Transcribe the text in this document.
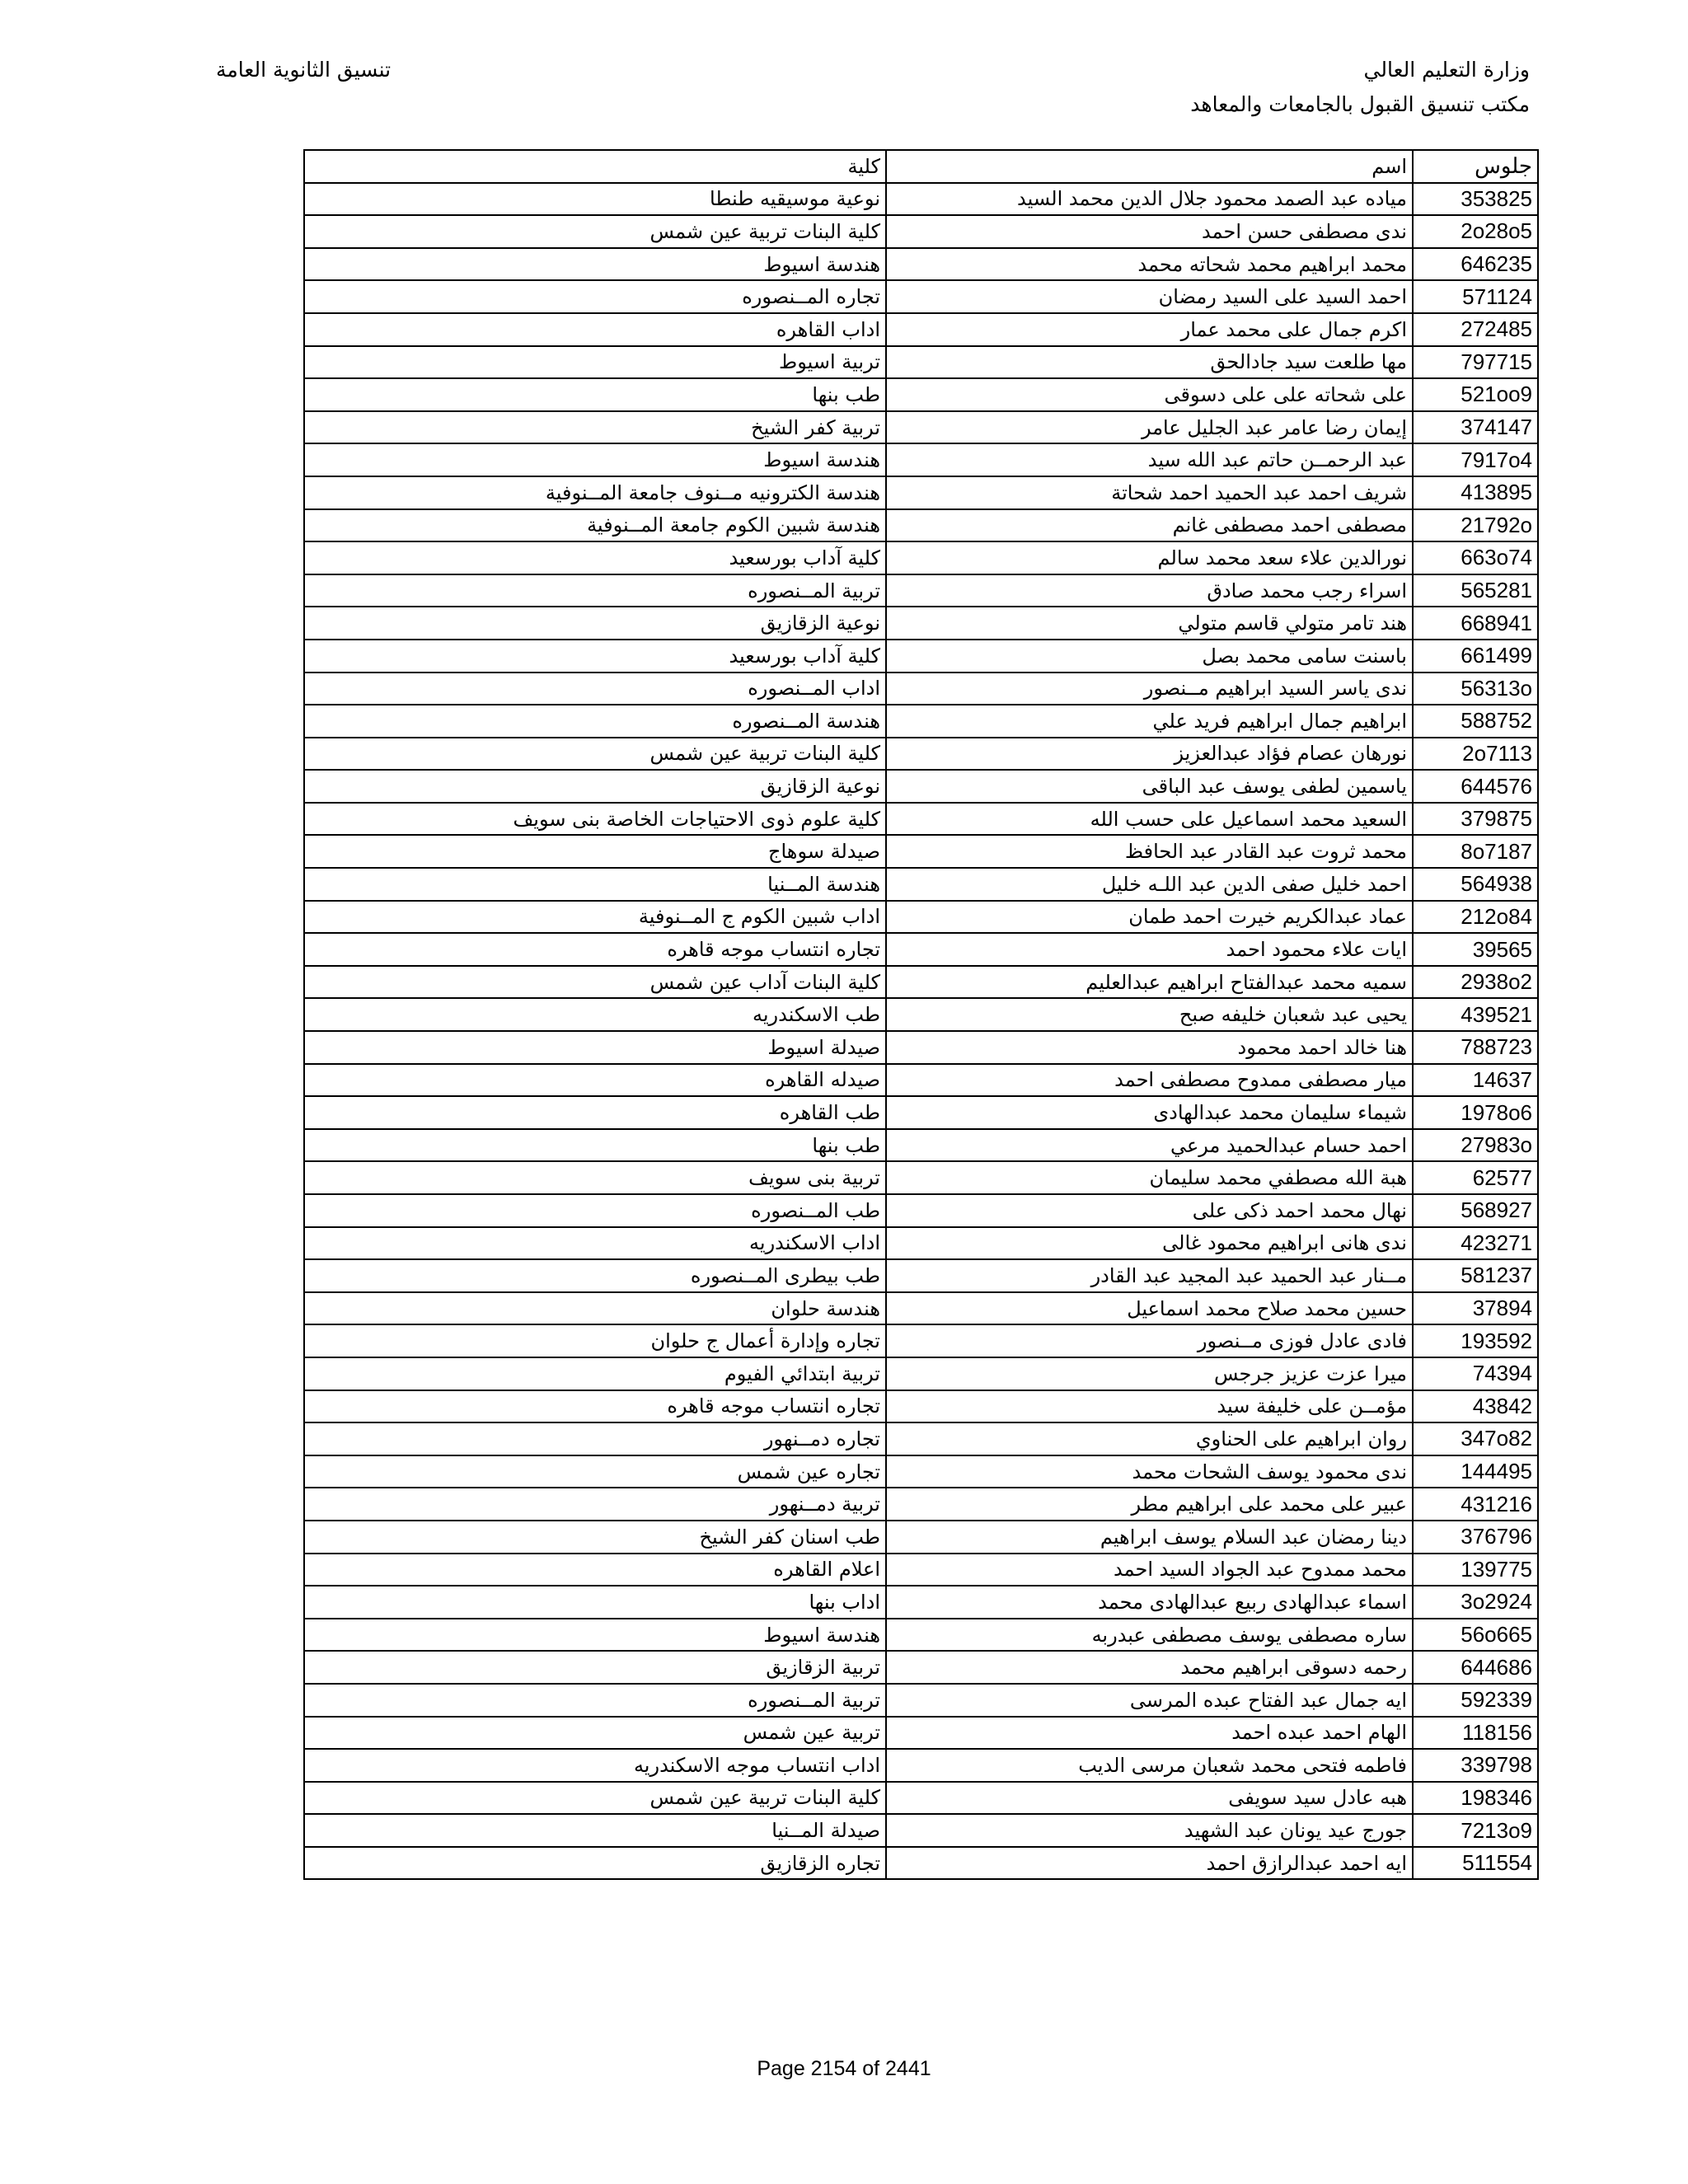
وزارة التعليم العالي
مكتب تنسيق القبول بالجامعات والمعاهد
تنسيق الثانوية العامة
جلوس	اسم	كلية
353825	مياده عبد الصمد محمود جلال الدين محمد السيد	نوعية موسيقيه طنطا
2o28o5	ندى مصطفى حسن احمد	كلية البنات تربية عين شمس
646235	محمد ابراهيم محمد شحاته محمد	هندسة اسيوط
571124	احمد السيد على السيد رمضان	تجاره المــنصوره
272485	اكرم جمال على محمد عمار	اداب القاهره
797715	مها طلعت سيد جادالحق	تربية اسيوط
521oo9	على شحاته على على دسوقى	طب بنها
374147	إيمان رضا عامر عبد الجليل عامر	تربية كفر الشيخ
7917o4	عبد الرحمــن حاتم عبد الله سيد	هندسة اسيوط
413895	شريف احمد عبد الحميد احمد شحاتة	هندسة الكترونيه مــنوف جامعة المــنوفية
21792o	مصطفى احمد مصطفى غانم	هندسة شبين الكوم جامعة المــنوفية
663o74	نورالدين علاء سعد محمد سالم	كلية آداب بورسعيد
565281	اسراء رجب محمد صادق	تربية المــنصوره
668941	هند تامر متولي قاسم متولي	نوعية الزقازيق
661499	باسنت سامى محمد بصل	كلية آداب بورسعيد
56313o	ندى ياسر السيد ابراهيم مــنصور	اداب المــنصوره
588752	ابراهيم جمال ابراهيم فريد علي	هندسة المــنصوره
2o7113	نورهان عصام فؤاد عبدالعزيز	كلية البنات تربية عين شمس
644576	ياسمين لطفى يوسف عبد الباقى	نوعية الزقازيق
379875	السعيد محمد اسماعيل على حسب الله	كلية علوم ذوى الاحتياجات الخاصة بنى سويف
8o7187	محمد ثروت عبد القادر عبد الحافظ	صيدلة سوهاج
564938	احمد خليل صفى الدين عبد اللـه خليل	هندسة المــنيا
212o84	عماد عبدالكريم خيرت احمد طمان	اداب شبين الكوم ج المــنوفية
39565	ايات علاء محمود احمد	تجاره انتساب موجه قاهره
2938o2	سميه محمد عبدالفتاح ابراهيم عبدالعليم	كلية البنات آداب عين شمس
439521	يحيى عبد شعبان خليفه صبح	طب الاسكندريه
788723	هنا خالد احمد محمود	صيدلة اسيوط
14637	ميار مصطفى ممدوح مصطفى احمد	صيدله القاهره
1978o6	شيماء سليمان محمد عبدالهادى	طب القاهره
27983o	احمد حسام عبدالحميد مرعي	طب بنها
62577	هبة الله مصطفي محمد سليمان	تربية بنى سويف
568927	نهال محمد احمد ذكى على	طب المــنصوره
423271	ندى هانى ابراهيم محمود غالى	اداب الاسكندريه
581237	مــنار عبد الحميد عبد المجيد عبد القادر	طب بيطرى المــنصوره
37894	حسين محمد صلاح محمد اسماعيل	هندسة حلوان
193592	فادى عادل فوزى مــنصور	تجاره وإدارة أعمال ج حلوان
74394	ميرا عزت عزيز جرجس	تربية ابتدائي الفيوم
43842	مؤمــن على خليفة سيد	تجاره انتساب موجه قاهره
347o82	روان ابراهيم على الحناوي	تجاره دمــنهور
144495	ندى محمود يوسف الشحات محمد	تجاره عين شمس
431216	عبير على محمد على ابراهيم مطر	تربية دمــنهور
376796	دينا رمضان عبد السلام يوسف ابراهيم	طب اسنان كفر الشيخ
139775	محمد ممدوح عبد الجواد السيد احمد	اعلام القاهره
3o2924	اسماء عبدالهادى ربيع عبدالهادى محمد	اداب بنها
56o665	ساره مصطفى يوسف مصطفى عبدربه	هندسة اسيوط
644686	رحمه دسوقى ابراهيم محمد	تربية الزقازيق
592339	ايه جمال عبد الفتاح عبده المرسى	تربية المــنصوره
118156	الهام احمد عبده احمد	تربية عين شمس
339798	فاطمه فتحى محمد شعبان مرسى الديب	اداب انتساب موجه الاسكندريه
198346	هبه عادل سيد سويفى	كلية البنات تربية عين شمس
7213o9	جورج عيد يونان عبد الشهيد	صيدلة المــنيا
511554	ايه احمد عبدالرازق احمد	تجاره الزقازيق
Page 2154 of 2441
